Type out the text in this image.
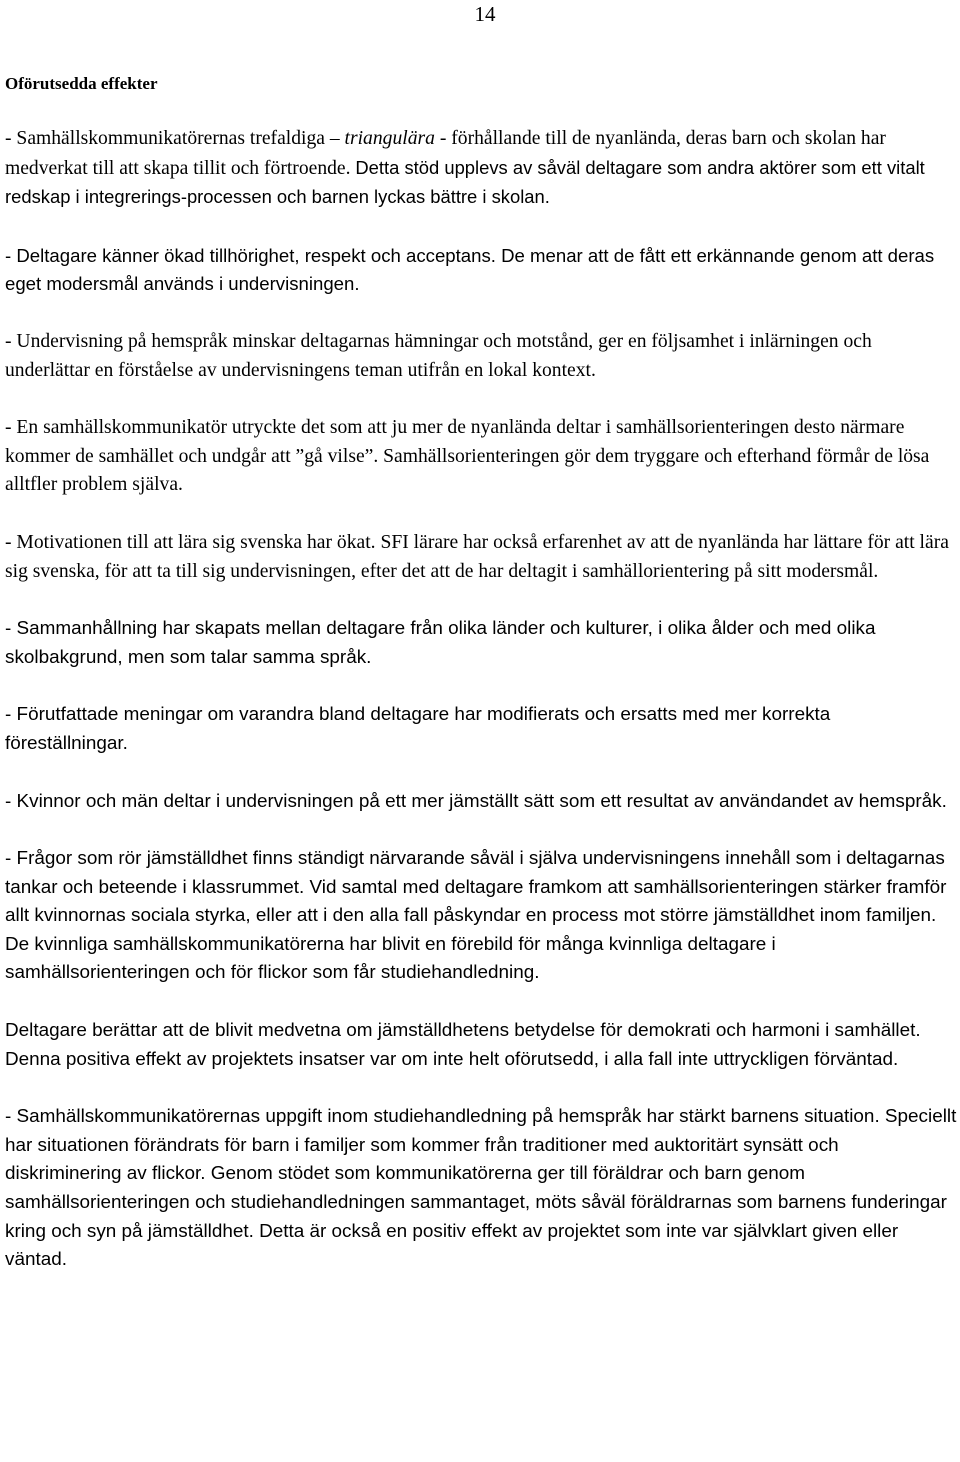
14
Oförutsedda effekter

- Samhällskommunikatörernas trefaldiga – triangulära - förhållande till de nyanlända, deras barn och skolan har medverkat till att skapa tillit och förtroende. Detta stöd upplevs av såväl deltagare som andra aktörer som ett vitalt redskap i integrerings-processen och barnen lyckas bättre i skolan.

- Deltagare känner ökad tillhörighet, respekt och acceptans. De menar att de fått ett erkännande genom att deras eget modersmål används i undervisningen.

- Undervisning på hemspråk minskar deltagarnas hämningar och motstånd, ger en följsamhet i inlärningen och underlättar en förståelse av undervisningens teman utifrån en lokal kontext.

- En samhällskommunikatör utryckte det som att ju mer de nyanlända deltar i samhällsorienteringen desto närmare kommer de samhället och undgår att ”gå vilse”. Samhällsorienteringen gör dem tryggare och efterhand förmår de lösa alltfler problem själva.

- Motivationen till att lära sig svenska har ökat. SFI lärare har också erfarenhet av att de nyanlända har lättare för att lära sig svenska, för att ta till sig undervisningen, efter det att de har deltagit i samhällorientering på sitt modersmål.

- Sammanhållning har skapats mellan deltagare från olika länder och kulturer, i olika ålder och med olika skolbakgrund, men som talar samma språk.

- Förutfattade meningar om varandra bland deltagare har modifierats och ersatts med mer korrekta föreställningar.

- Kvinnor och män deltar i undervisningen på ett mer jämställt sätt som ett resultat av användandet av hemspråk.

- Frågor som rör jämställdhet finns ständigt närvarande såväl i själva undervisningens innehåll som i deltagarnas tankar och beteende i klassrummet. Vid samtal med deltagare framkom att samhällsorienteringen stärker framför allt kvinnornas sociala styrka, eller att i den alla fall påskyndar en process mot större jämställdhet inom familjen. De kvinnliga samhällskommunikatörerna har blivit en förebild för många kvinnliga deltagare i samhällsorienteringen och för flickor som får studiehandledning.

Deltagare berättar att de blivit medvetna om jämställdhetens betydelse för demokrati och harmoni i samhället. Denna positiva effekt av projektets insatser var om inte helt oförutsedd, i alla fall inte uttryckligen förväntad.

- Samhällskommunikatörernas uppgift inom studiehandledning på hemspråk har stärkt barnens situation. Speciellt har situationen förändrats för barn i familjer som kommer från traditioner med auktoritärt synsätt och diskriminering av flickor. Genom stödet som kommunikatörerna ger till föräldrar och barn genom samhällsorienteringen och studiehandledningen sammantaget, möts såväl föräldrarnas som barnens funderingar kring och syn på jämställdhet. Detta är också en positiv effekt av projektet som inte var självklart given eller väntad.
